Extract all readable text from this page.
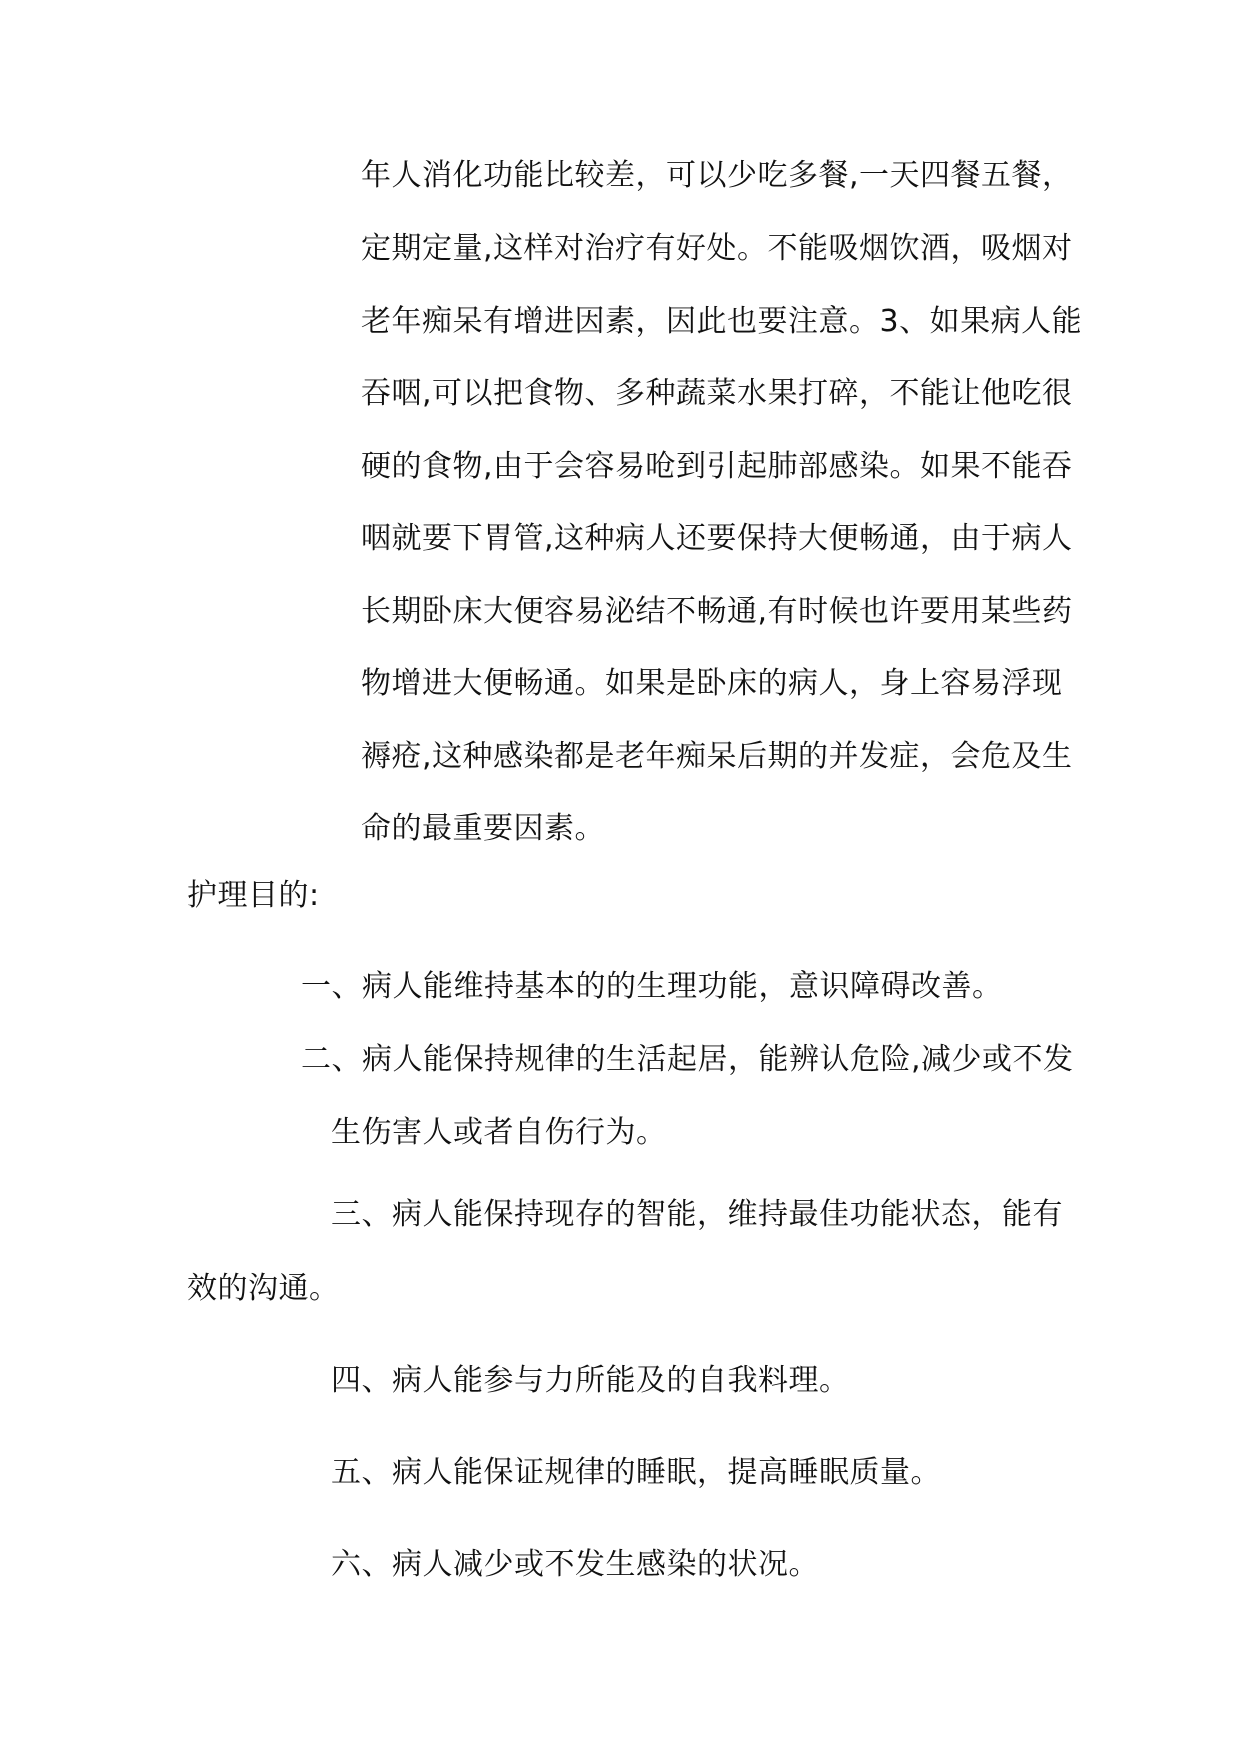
年人消化功能比较差，可以少吃多餐,一天四餐五餐，
定期定量,这样对治疗有好处。不能吸烟饮酒，吸烟对
老年痴呆有增进因素，因此也要注意。3、如果病人能
吞咽,可以把食物、多种蔬菜水果打碎，不能让他吃很
硬的食物,由于会容易呛到引起肺部感染。如果不能吞
咽就要下胃管,这种病人还要保持大便畅通，由于病人
长期卧床大便容易泌结不畅通,有时候也许要用某些药
物增进大便畅通。如果是卧床的病人，身上容易浮现
褥疮,这种感染都是老年痴呆后期的并发症，会危及生
命的最重要因素。
护理目的:
一、病人能维持基本的的生理功能，意识障碍改善。
二、病人能保持规律的生活起居，能辨认危险,减少或不发
生伤害人或者自伤行为。
三、病人能保持现存的智能，维持最佳功能状态，能有
效的沟通。
四、病人能参与力所能及的自我料理。
五、病人能保证规律的睡眠，提高睡眠质量。
六、病人减少或不发生感染的状况。
